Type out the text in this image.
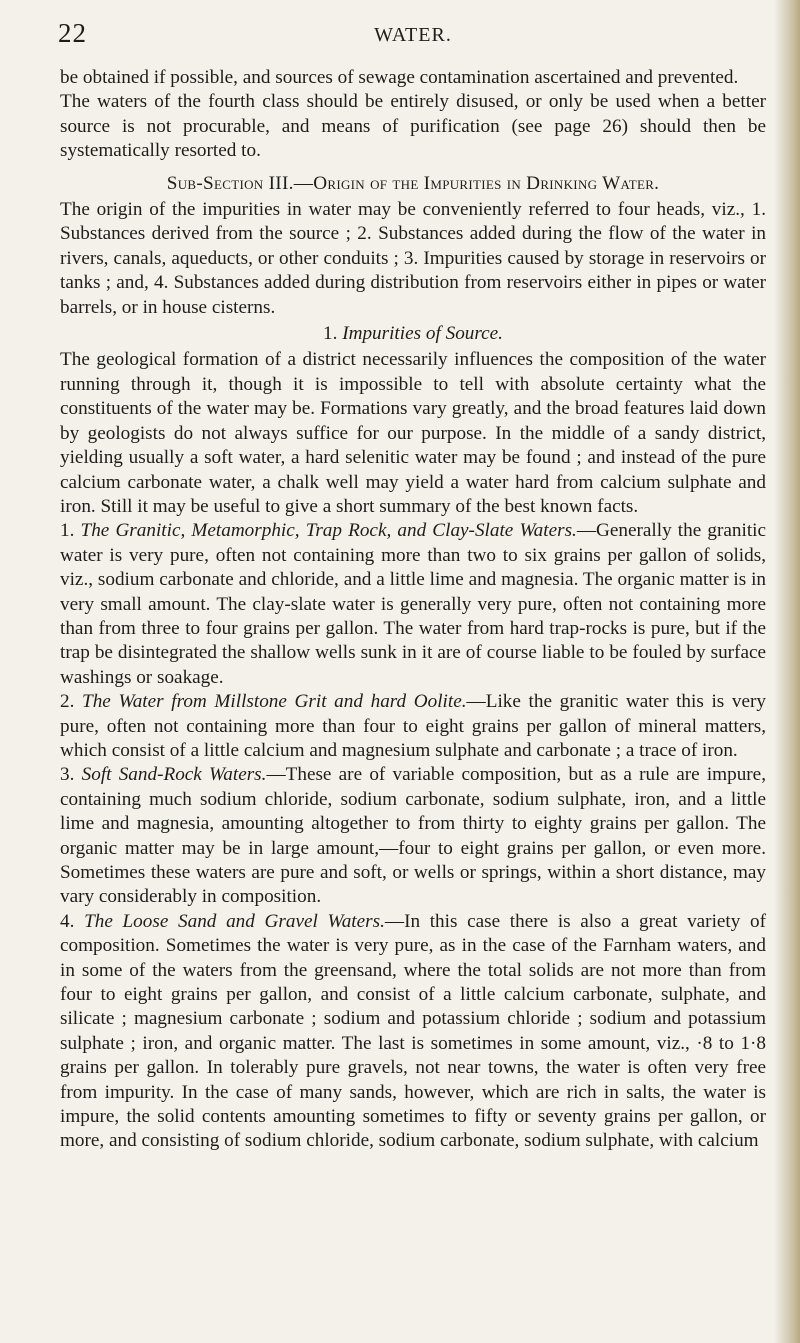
22	WATER.

be obtained if possible, and sources of sewage contamination ascertained and prevented.

The waters of the fourth class should be entirely disused, or only be used when a better source is not procurable, and means of purification (see page 26) should then be systematically resorted to.

Sub-Section III.—Origin of the Impurities in Drinking Water.

The origin of the impurities in water may be conveniently referred to four heads, viz., 1. Substances derived from the source ; 2. Substances added during the flow of the water in rivers, canals, aqueducts, or other conduits ; 3. Impurities caused by storage in reservoirs or tanks ; and, 4. Substances added during distribution from reservoirs either in pipes or water barrels, or in house cisterns.

1. Impurities of Source.

The geological formation of a district necessarily influences the composition of the water running through it, though it is impossible to tell with absolute certainty what the constituents of the water may be. Formations vary greatly, and the broad features laid down by geologists do not always suffice for our purpose. In the middle of a sandy district, yielding usually a soft water, a hard selenitic water may be found ; and instead of the pure calcium carbonate water, a chalk well may yield a water hard from calcium sulphate and iron. Still it may be useful to give a short summary of the best known facts.

1. The Granitic, Metamorphic, Trap Rock, and Clay-Slate Waters.—Generally the granitic water is very pure, often not containing more than two to six grains per gallon of solids, viz., sodium carbonate and chloride, and a little lime and magnesia. The organic matter is in very small amount. The clay-slate water is generally very pure, often not containing more than from three to four grains per gallon. The water from hard trap-rocks is pure, but if the trap be disintegrated the shallow wells sunk in it are of course liable to be fouled by surface washings or soakage.

2. The Water from Millstone Grit and hard Oolite.—Like the granitic water this is very pure, often not containing more than four to eight grains per gallon of mineral matters, which consist of a little calcium and magnesium sulphate and carbonate ; a trace of iron.

3. Soft Sand-Rock Waters.—These are of variable composition, but as a rule are impure, containing much sodium chloride, sodium carbonate, sodium sulphate, iron, and a little lime and magnesia, amounting altogether to from thirty to eighty grains per gallon. The organic matter may be in large amount,—four to eight grains per gallon, or even more. Sometimes these waters are pure and soft, or wells or springs, within a short distance, may vary considerably in composition.

4. The Loose Sand and Gravel Waters.—In this case there is also a great variety of composition. Sometimes the water is very pure, as in the case of the Farnham waters, and in some of the waters from the greensand, where the total solids are not more than from four to eight grains per gallon, and consist of a little calcium carbonate, sulphate, and silicate ; magnesium carbonate ; sodium and potassium chloride ; sodium and potassium sulphate ; iron, and organic matter. The last is sometimes in some amount, viz., ·8 to 1·8 grains per gallon. In tolerably pure gravels, not near towns, the water is often very free from impurity. In the case of many sands, however, which are rich in salts, the water is impure, the solid contents amounting sometimes to fifty or seventy grains per gallon, or more, and consisting of sodium chloride, sodium carbonate, sodium sulphate, with calcium
